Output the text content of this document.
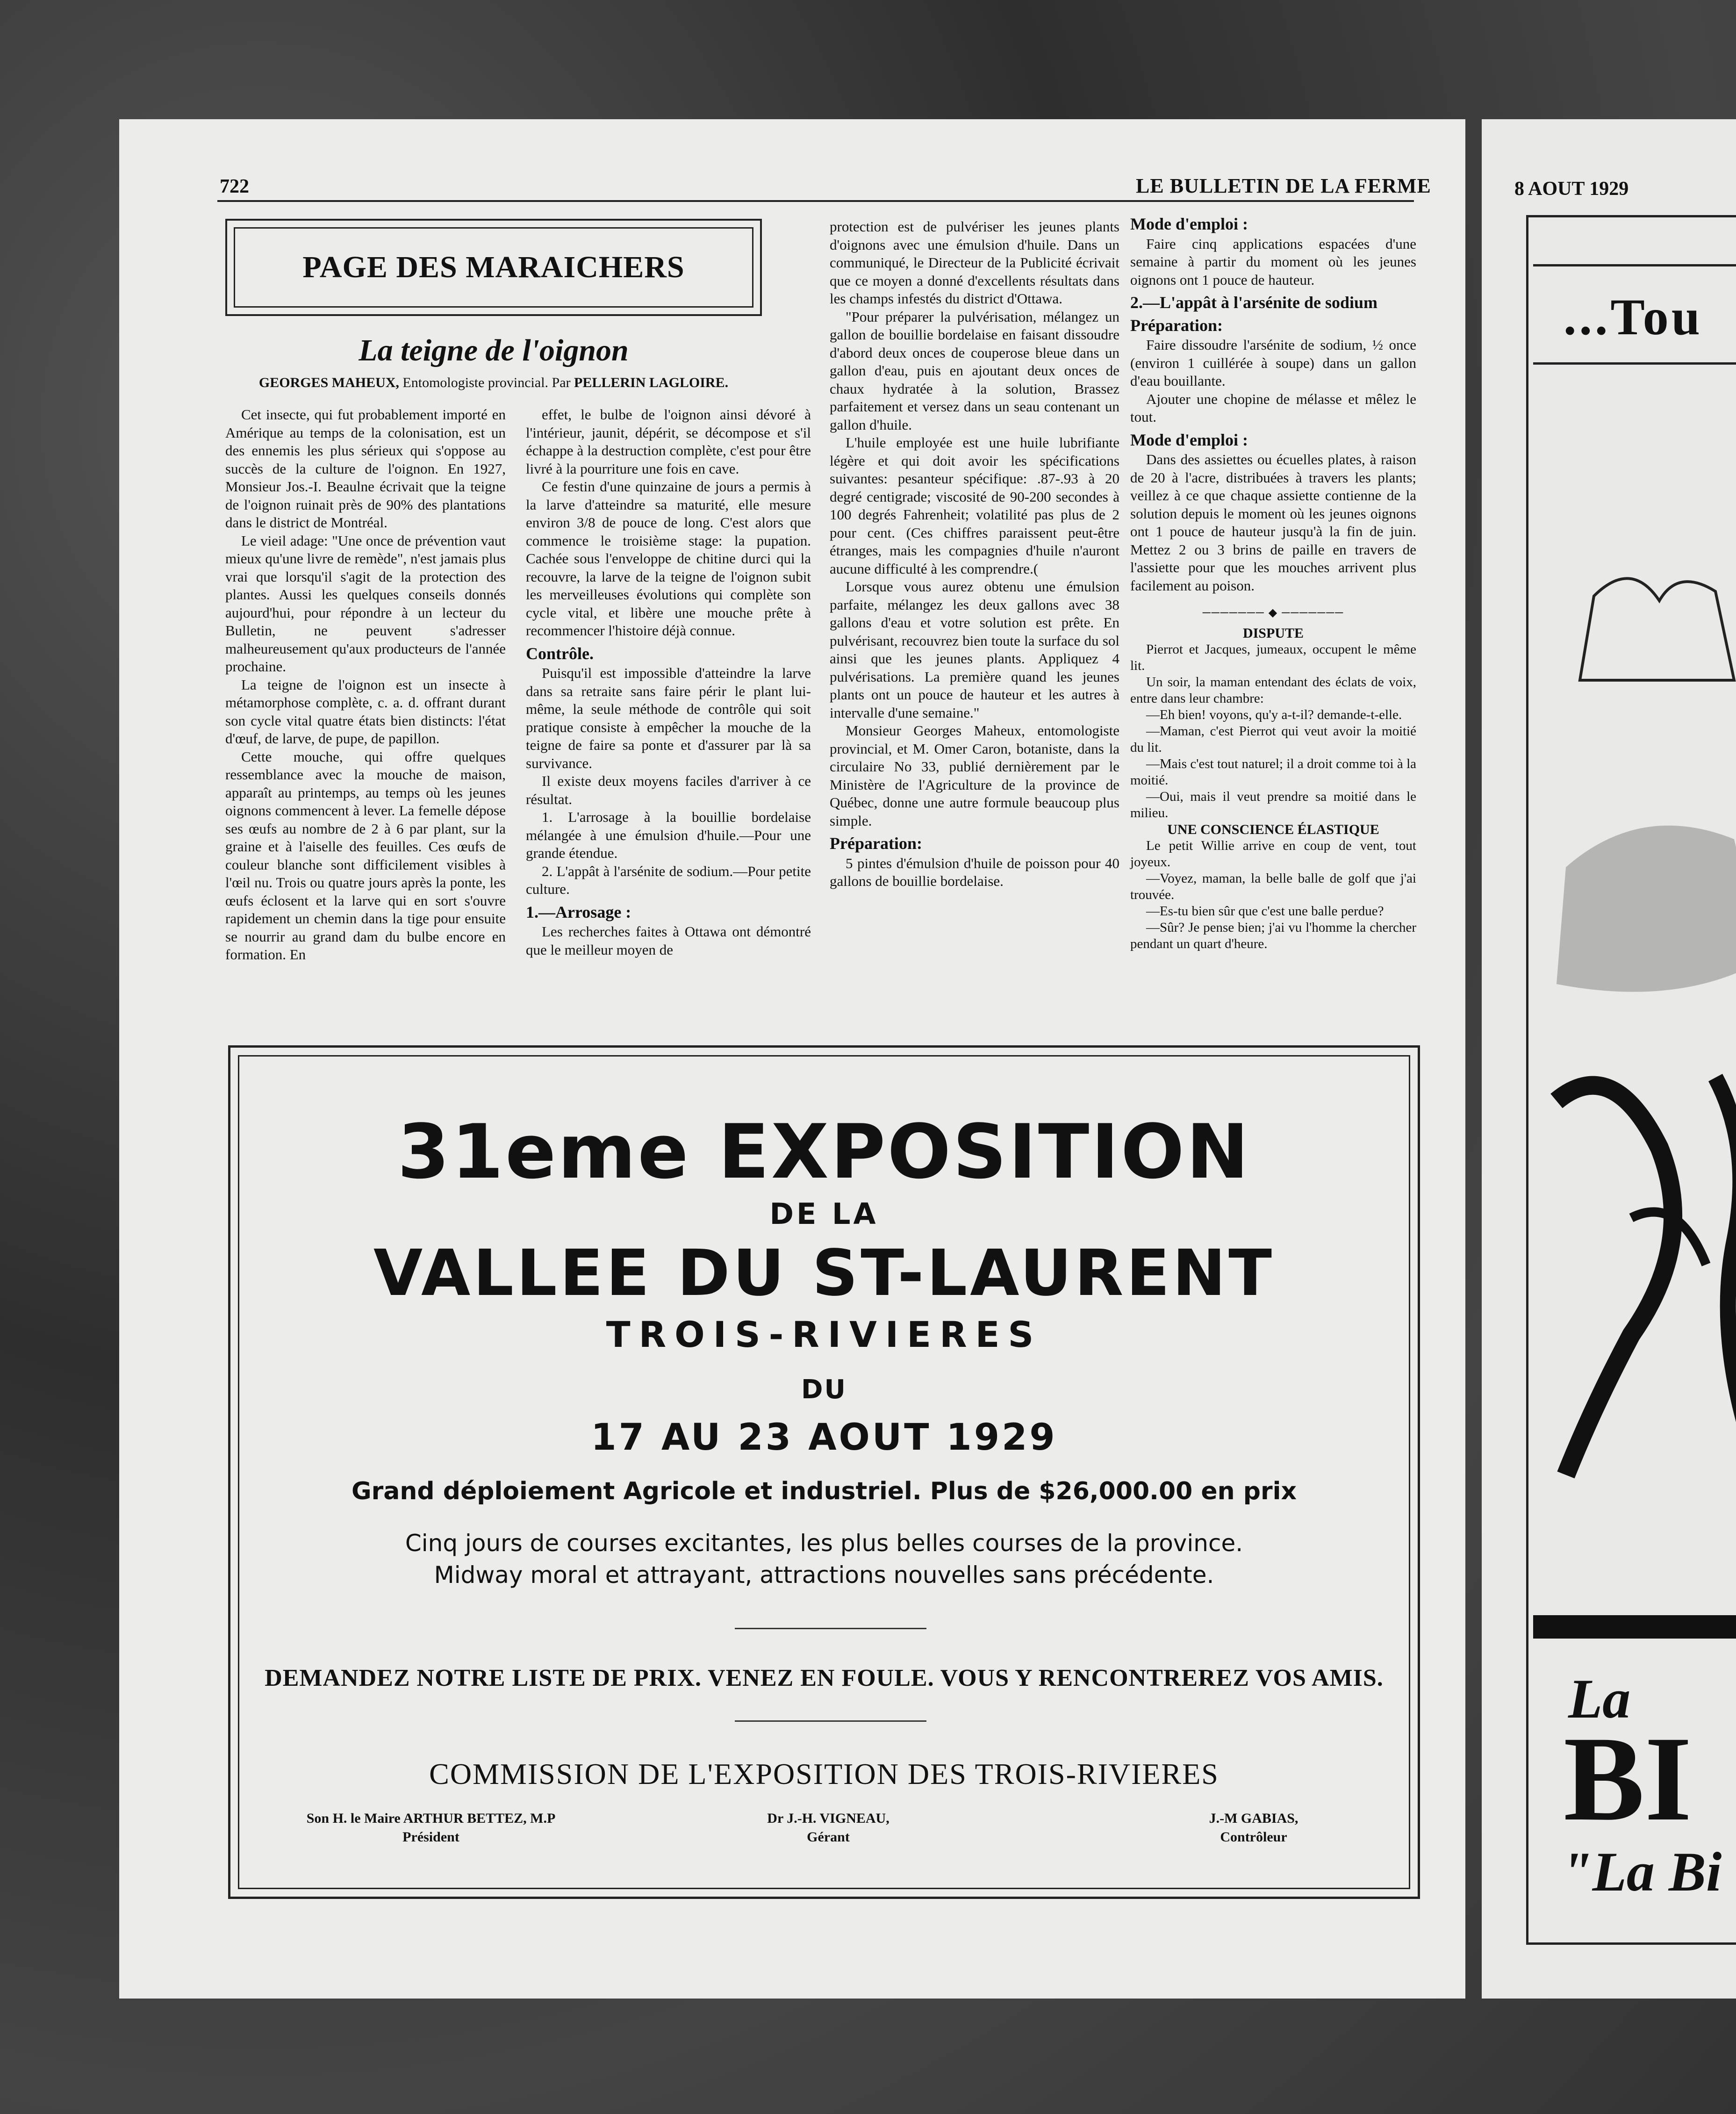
...Tou
La
BI
"La Bi
722	LE BULLETIN DE LA FERME	8 AOUT 1929
PAGE DES MARAICHERS
La teigne de l'oignon
GEORGES MAHEUX, Entomologiste provincial. Par PELLERIN LAGLOIRE.

Cet insecte, qui fut probablement importé en Amérique au temps de la colonisation, est un des ennemis les plus sérieux qui s'oppose au succès de la culture de l'oignon. En 1927, Monsieur Jos.-I. Beaulne écrivait que la teigne de l'oignon ruinait près de 90% des plantations dans le district de Montréal.

Le vieil adage: "Une once de prévention vaut mieux qu'une livre de remède", n'est jamais plus vrai que lorsqu'il s'agit de la protection des plantes. Aussi les quelques conseils donnés aujourd'hui, pour répondre à un lecteur du Bulletin, ne peuvent s'adresser malheureusement qu'aux producteurs de l'année prochaine.

La teigne de l'oignon est un insecte à métamorphose complète, c. a. d. offrant durant son cycle vital quatre états bien distincts: l'état d'œuf, de larve, de pupe, de papillon.

Cette mouche, qui offre quelques ressemblance avec la mouche de maison, apparaît au printemps, au temps où les jeunes oignons commencent à lever. La femelle dépose ses œufs au nombre de 2 à 6 par plant, sur la graine et à l'aiselle des feuilles. Ces œufs de couleur blanche sont difficilement visibles à l'œil nu. Trois ou quatre jours après la ponte, les œufs éclosent et la larve qui en sort s'ouvre rapidement un chemin dans la tige pour ensuite se nourrir au grand dam du bulbe encore en formation. En

effet, le bulbe de l'oignon ainsi dévoré à l'intérieur, jaunit, dépérit, se décompose et s'il échappe à la destruction complète, c'est pour être livré à la pourriture une fois en cave.

Ce festin d'une quinzaine de jours a permis à la larve d'atteindre sa maturité, elle mesure environ 3/8 de pouce de long. C'est alors que commence le troisième stage: la pupation. Cachée sous l'enveloppe de chitine durci qui la recouvre, la larve de la teigne de l'oignon subit les merveilleuses évolutions qui complète son cycle vital, et libère une mouche prête à recommencer l'histoire déjà connue.

Contrôle.

Puisqu'il est impossible d'atteindre la larve dans sa retraite sans faire périr le plant lui-même, la seule méthode de contrôle qui soit pratique consiste à empêcher la mouche de la teigne de faire sa ponte et d'assurer par là sa survivance.

Il existe deux moyens faciles d'arriver à ce résultat.

1. L'arrosage à la bouillie bordelaise mélangée à une émulsion d'huile.—Pour une grande étendue.

2. L'appât à l'arsénite de sodium.—Pour petite culture.

1.—Arrosage :

Les recherches faites à Ottawa ont démontré que le meilleur moyen de

protection est de pulvériser les jeunes plants d'oignons avec une émulsion d'huile. Dans un communiqué, le Directeur de la Publicité écrivait que ce moyen a donné d'excellents résultats dans les champs infestés du district d'Ottawa.

"Pour préparer la pulvérisation, mélangez un gallon de bouillie bordelaise en faisant dissoudre d'abord deux onces de couperose bleue dans un gallon d'eau, puis en ajoutant deux onces de chaux hydratée à la solution, Brassez parfaitement et versez dans un seau contenant un gallon d'huile.

L'huile employée est une huile lubrifiante légère et qui doit avoir les spécifications suivantes: pesanteur spécifique: .87-.93 à 20 degré centigrade; viscosité de 90-200 secondes à 100 degrés Fahrenheit; volatilité pas plus de 2 pour cent. (Ces chiffres paraissent peut-être étranges, mais les compagnies d'huile n'auront aucune difficulté à les comprendre.(

Lorsque vous aurez obtenu une émulsion parfaite, mélangez les deux gallons avec 38 gallons d'eau et votre solution est prête. En pulvérisant, recouvrez bien toute la surface du sol ainsi que les jeunes plants. Appliquez 4 pulvérisations. La première quand les jeunes plants ont un pouce de hauteur et les autres à intervalle d'une semaine."

Monsieur Georges Maheux, entomologiste provincial, et M. Omer Caron, botaniste, dans la circulaire No 33, publié dernièrement par le Ministère de l'Agriculture de la province de Québec, donne une autre formule beaucoup plus simple.

Préparation:

5 pintes d'émulsion d'huile de poisson pour 40 gallons de bouillie bordelaise.

Mode d'emploi :

Faire cinq applications espacées d'une semaine à partir du moment où les jeunes oignons ont 1 pouce de hauteur.

2.—L'appât à l'arsénite de sodium
Préparation:

Faire dissoudre l'arsénite de sodium, ½ once (environ 1 cuillérée à soupe) dans un gallon d'eau bouillante.

Ajouter une chopine de mélasse et mêlez le tout.

Mode d'emploi :

Dans des assiettes ou écuelles plates, à raison de 20 à l'acre, distribuées à travers les plants; veillez à ce que chaque assiette contienne de la solution depuis le moment où les jeunes oignons ont 1 pouce de hauteur jusqu'à la fin de juin. Mettez 2 ou 3 brins de paille en travers de l'assiette pour que les mouches arrivent plus facilement au poison.

─────── ◆ ───────

DISPUTE

Pierrot et Jacques, jumeaux, occupent le même lit.

Un soir, la maman entendant des éclats de voix, entre dans leur chambre:

—Eh bien! voyons, qu'y a-t-il? demande-t-elle.

—Maman, c'est Pierrot qui veut avoir la moitié du lit.

—Mais c'est tout naturel; il a droit comme toi à la moitié.

—Oui, mais il veut prendre sa moitié dans le milieu.

UNE CONSCIENCE ÉLASTIQUE

Le petit Willie arrive en coup de vent, tout joyeux.

—Voyez, maman, la belle balle de golf que j'ai trouvée.

—Es-tu bien sûr que c'est une balle perdue?

—Sûr? Je pense bien; j'ai vu l'homme la chercher pendant un quart d'heure.

31eme EXPOSITION
DE LA
VALLEE DU ST-LAURENT
TROIS-RIVIERES
DU
17 AU 23 AOUT 1929
Grand déploiement Agricole et industriel. Plus de $26,000.00 en prix
Cinq jours de courses excitantes, les plus belles courses de la province.
Midway moral et attrayant, attractions nouvelles sans précédente.
DEMANDEZ NOTRE LISTE DE PRIX. VENEZ EN FOULE. VOUS Y RENCONTREREZ VOS AMIS.
COMMISSION DE L'EXPOSITION DES TROIS-RIVIERES
Son H. le Maire ARTHUR BETTEZ, M.P
Président
Dr J.-H. VIGNEAU,
Gérant
J.-M GABIAS,
Contrôleur
